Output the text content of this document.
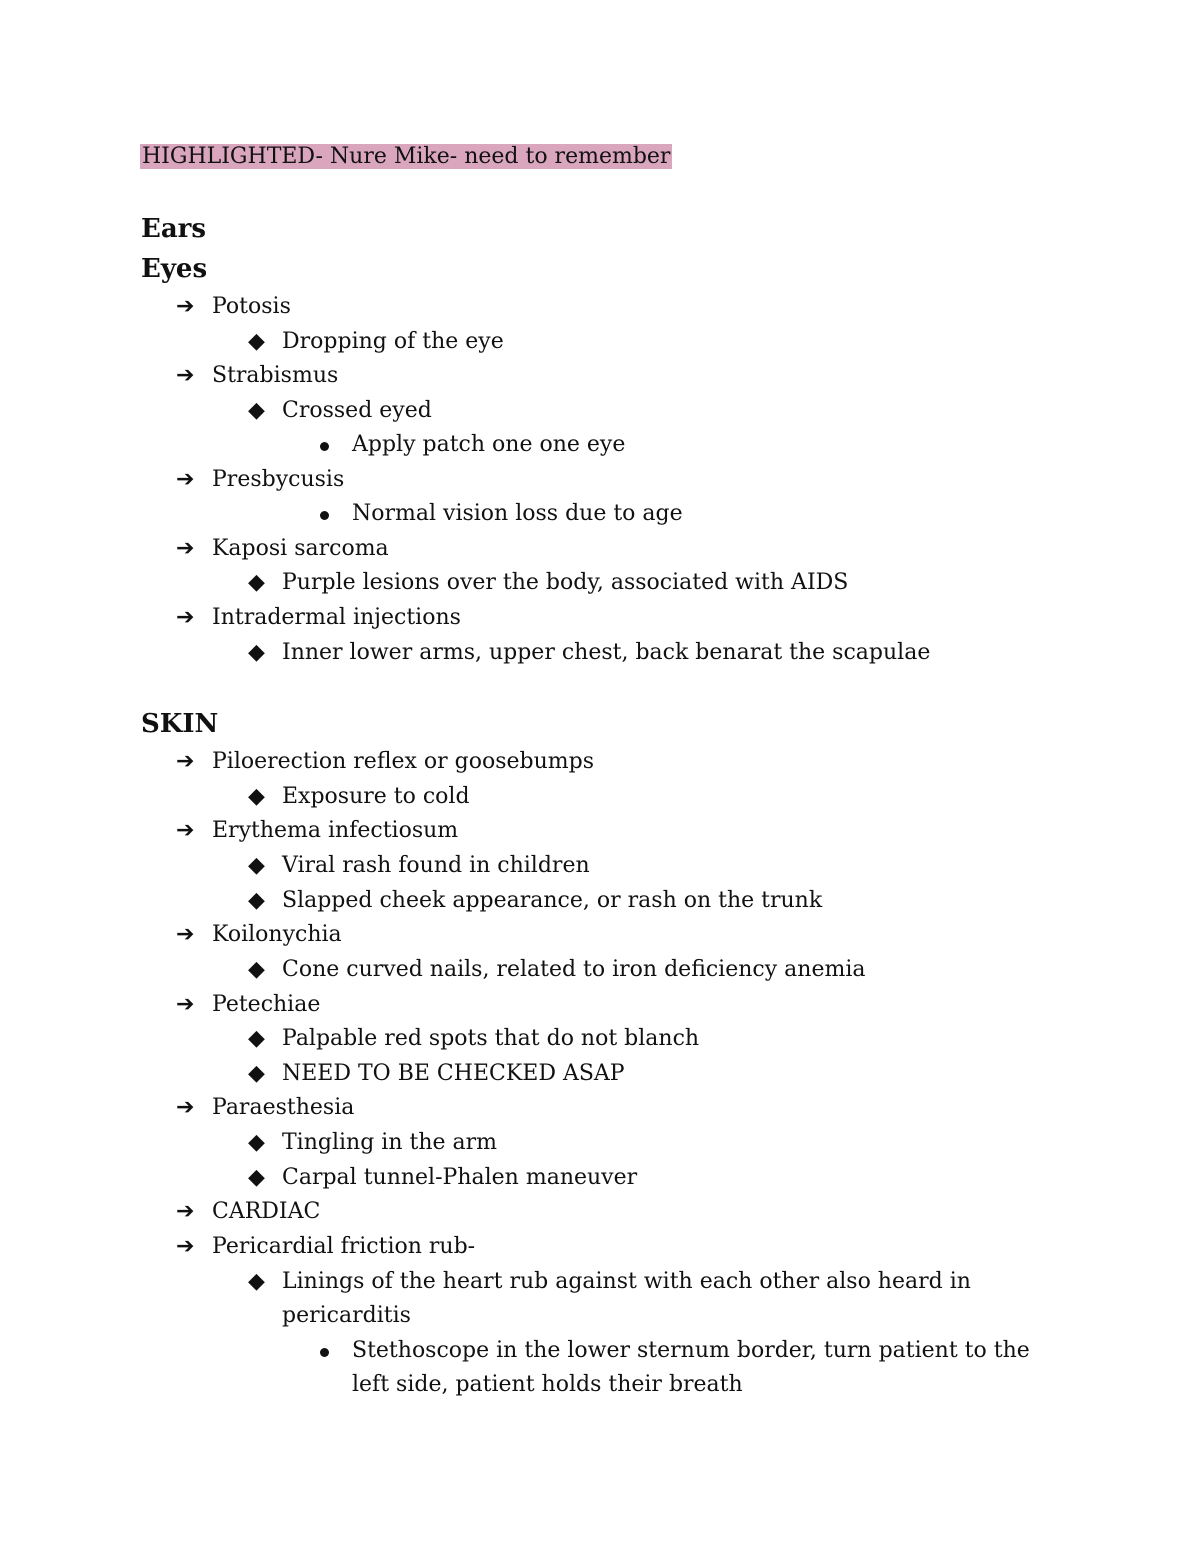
HIGHLIGHTED- Nure Mike- need to remember
Ears
Eyes
➔ Potosis
◆ Dropping of the eye
➔ Strabismus
◆ Crossed eyed
Apply patch one one eye
➔ Presbycusis
Normal vision loss due to age
➔ Kaposi sarcoma
◆ Purple lesions over the body, associated with AIDS
➔ Intradermal injections
◆ Inner lower arms, upper chest, back benarat the scapulae
SKIN
➔ Piloerection reflex or goosebumps
◆ Exposure to cold
➔ Erythema infectiosum
◆ Viral rash found in children
◆ Slapped cheek appearance, or rash on the trunk
➔ Koilonychia
◆ Cone curved nails, related to iron deficiency anemia
➔ Petechiae
◆ Palpable red spots that do not blanch
◆ NEED TO BE CHECKED ASAP
➔ Paraesthesia
◆ Tingling in the arm
◆ Carpal tunnel-Phalen maneuver
➔ CARDIAC
➔ Pericardial friction rub-
◆ Linings of the heart rub against with each other also heard in
pericarditis
Stethoscope in the lower sternum border, turn patient to the
left side, patient holds their breath
